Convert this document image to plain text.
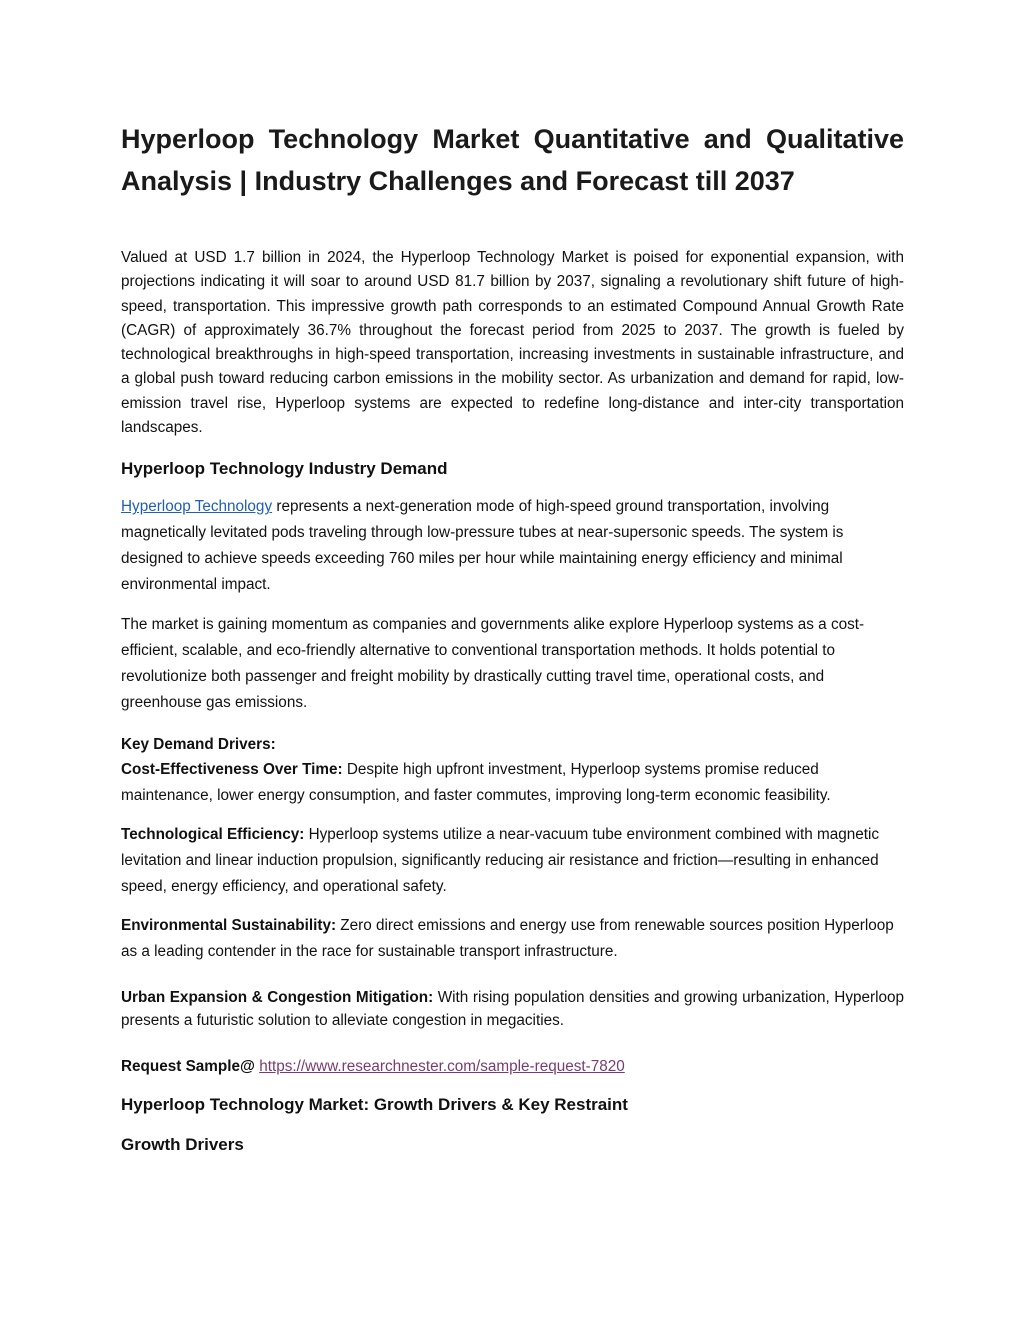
Hyperloop Technology Market Quantitative and Qualitative Analysis | Industry Challenges and Forecast till 2037

Valued at USD 1.7 billion in 2024, the Hyperloop Technology Market is poised for exponential expansion, with projections indicating it will soar to around USD 81.7 billion by 2037, signaling a revolutionary shift future of high-speed, transportation. This impressive growth path corresponds to an estimated Compound Annual Growth Rate (CAGR) of approximately 36.7% throughout the forecast period from 2025 to 2037. The growth is fueled by technological breakthroughs in high-speed transportation, increasing investments in sustainable infrastructure, and a global push toward reducing carbon emissions in the mobility sector. As urbanization and demand for rapid, low-emission travel rise, Hyperloop systems are expected to redefine long-distance and inter-city transportation landscapes.

Hyperloop Technology Industry Demand

Hyperloop Technology represents a next-generation mode of high-speed ground transportation, involving magnetically levitated pods traveling through low-pressure tubes at near-supersonic speeds. The system is designed to achieve speeds exceeding 760 miles per hour while maintaining energy efficiency and minimal environmental impact.

The market is gaining momentum as companies and governments alike explore Hyperloop systems as a cost-efficient, scalable, and eco-friendly alternative to conventional transportation methods. It holds potential to revolutionize both passenger and freight mobility by drastically cutting travel time, operational costs, and greenhouse gas emissions.

Key Demand Drivers:

Cost-Effectiveness Over Time: Despite high upfront investment, Hyperloop systems promise reduced maintenance, lower energy consumption, and faster commutes, improving long-term economic feasibility.

Technological Efficiency: Hyperloop systems utilize a near-vacuum tube environment combined with magnetic levitation and linear induction propulsion, significantly reducing air resistance and friction—resulting in enhanced speed, energy efficiency, and operational safety.

Environmental Sustainability: Zero direct emissions and energy use from renewable sources position Hyperloop as a leading contender in the race for sustainable transport infrastructure.

Urban Expansion & Congestion Mitigation: With rising population densities and growing urbanization, Hyperloop presents a futuristic solution to alleviate congestion in megacities.

Request Sample@ https://www.researchnester.com/sample-request-7820
Hyperloop Technology Market: Growth Drivers & Key Restraint
Growth Drivers
